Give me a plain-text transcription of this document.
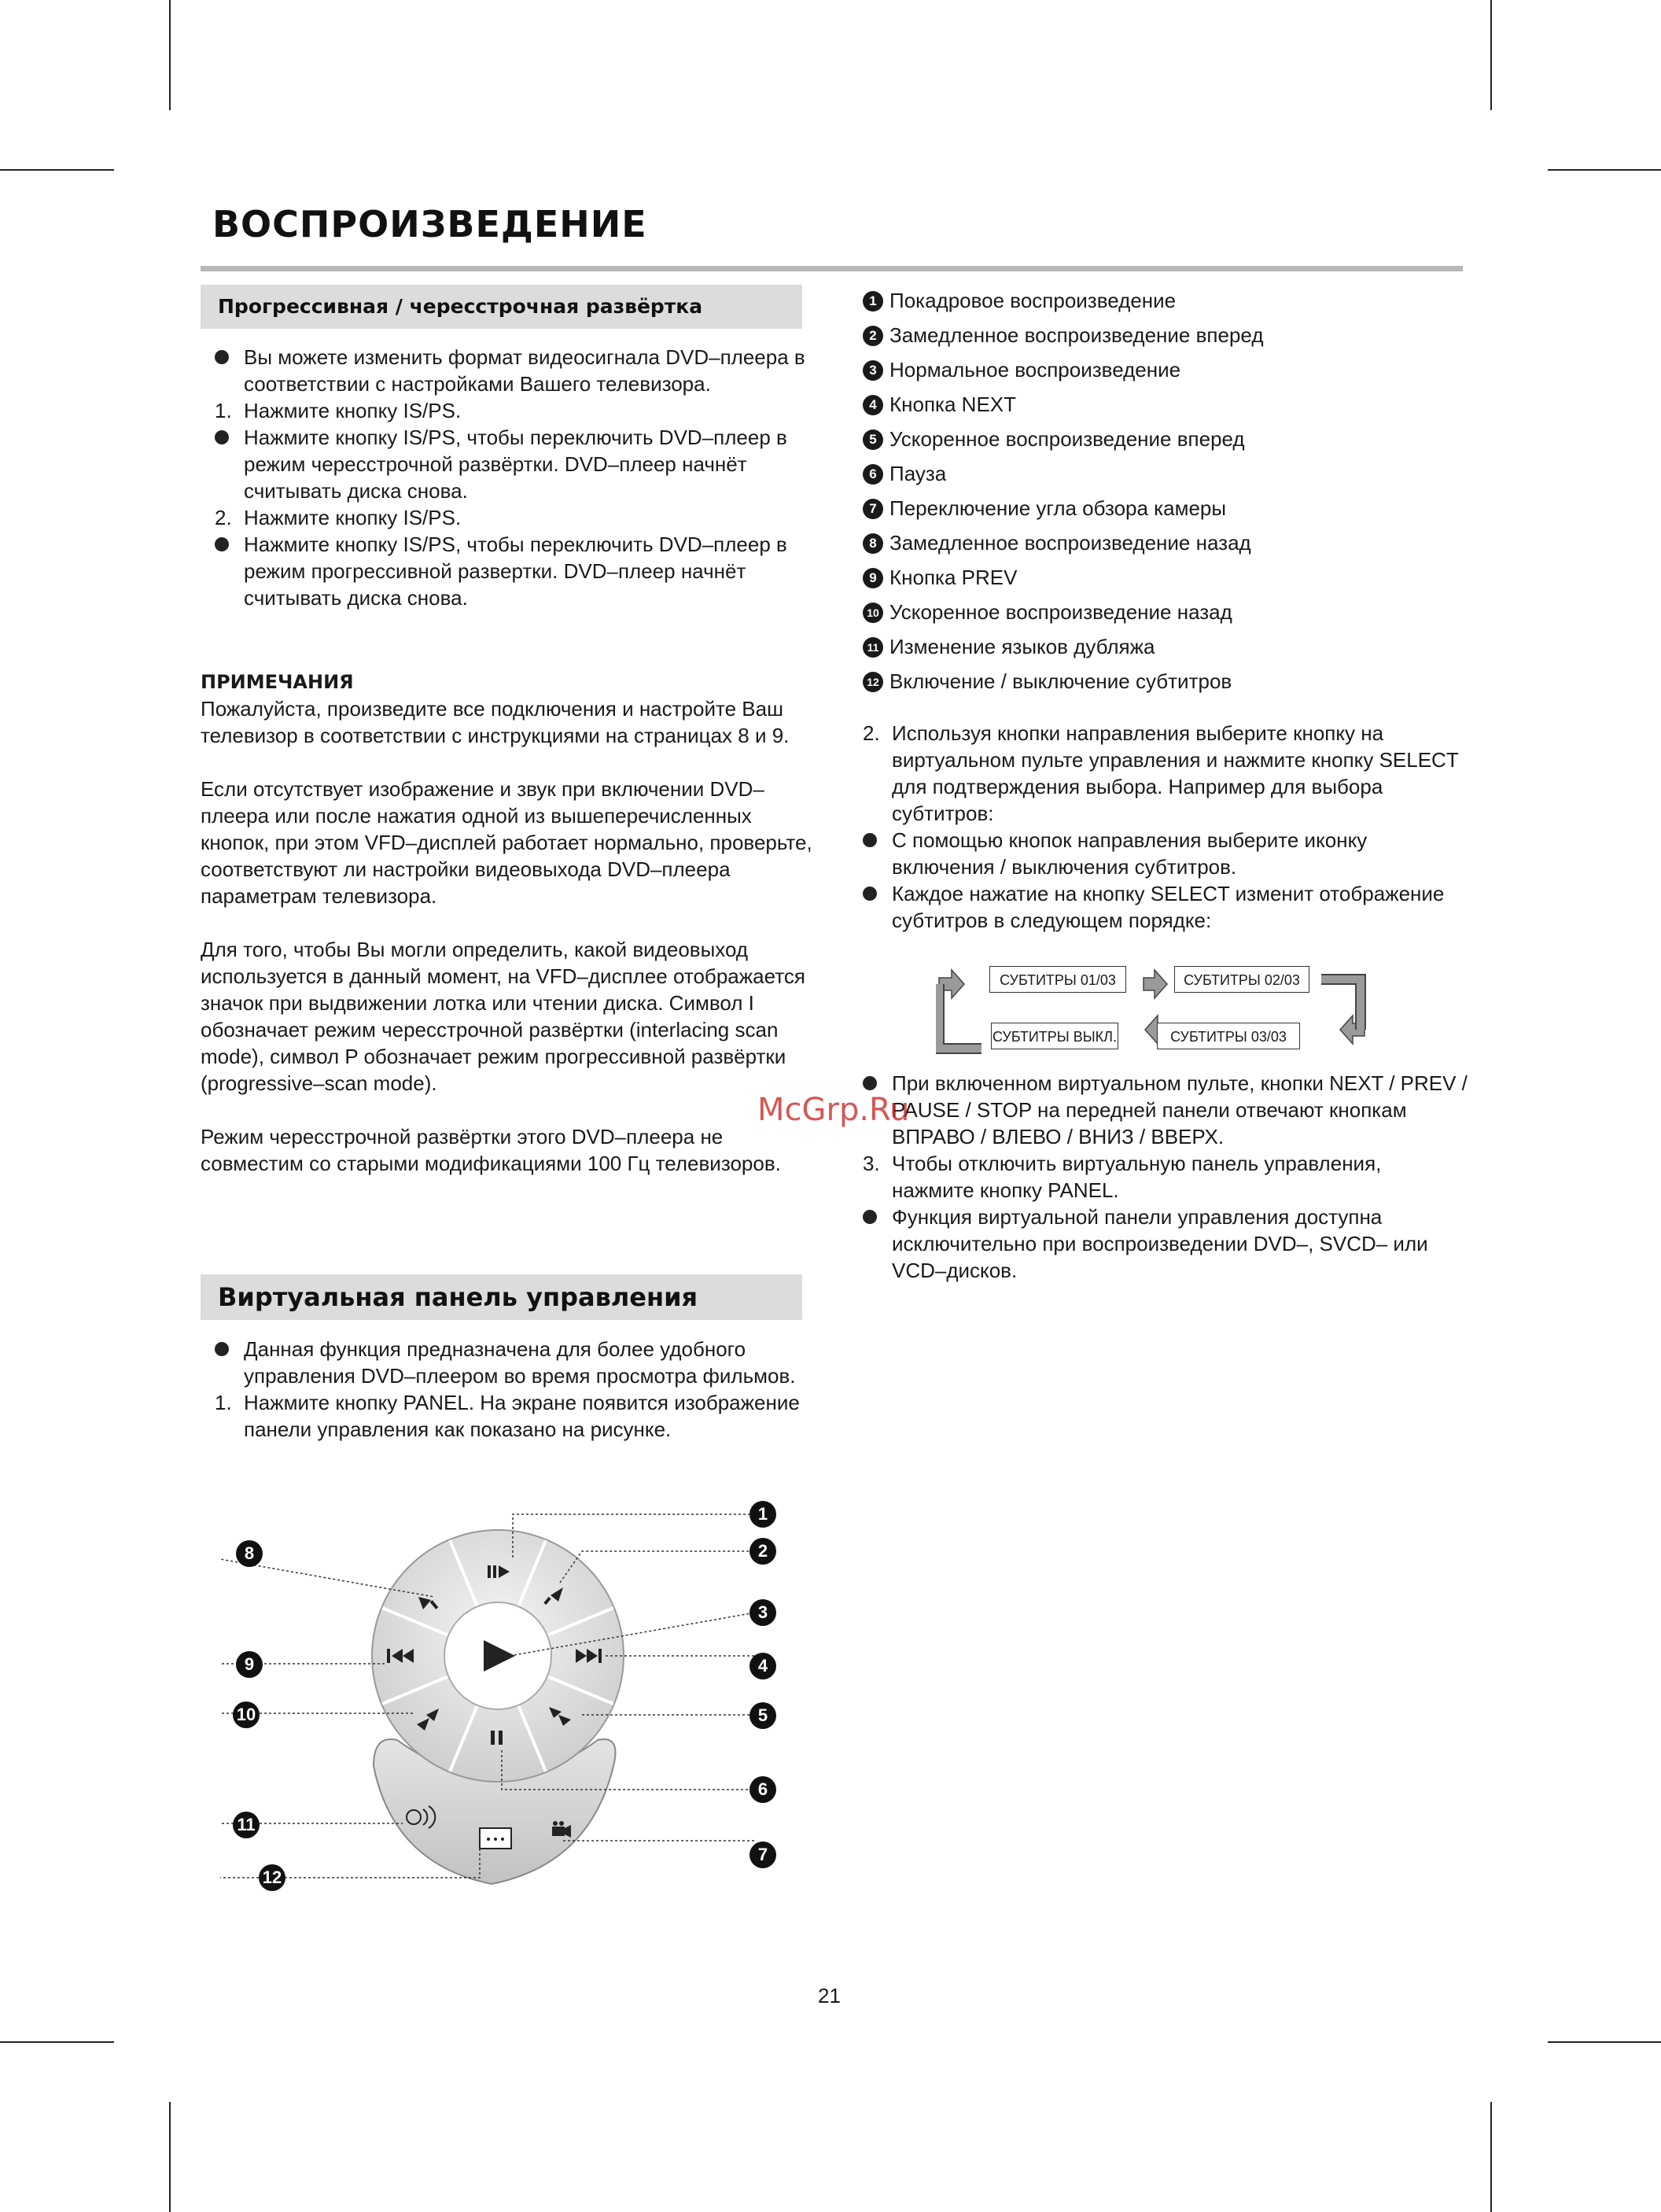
ВОСПРОИЗВЕДЕНИЕ
Прогрессивная / чересстрочная развёртка

Вы можете изменить формат видеосигнала DVD–плеера в соответствии с настройками Вашего телевизора.

1. Нажмите кнопку IS/PS.

Нажмите кнопку IS/PS, чтобы переключить DVD–плеер в режим чересстрочной развёртки. DVD–плеер начнёт считывать диска снова.

2. Нажмите кнопку IS/PS.

Нажмите кнопку IS/PS, чтобы переключить DVD–плеер в режим прогрессивной развертки. DVD–плеер начнёт считывать диска снова.

ПРИМЕЧАНИЯ

Пожалуйста, произведите все подключения и настройте Ваш телевизор в соответствии с инструкциями на страницах 8 и 9.

Если отсутствует изображение и звук при включении DVD–плеера или после нажатия одной из вышеперечисленных кнопок, при этом VFD–дисплей работает нормально, проверьте, соответствуют ли настройки видеовыхода DVD–плеера параметрам телевизора.

Для того, чтобы Вы могли определить, какой видеовыход используется в данный момент, на VFD–дисплее отображается значок при выдвижении лотка или чтении диска. Символ I обозначает режим чересстрочной развёртки (interlacing scan mode), символ P обозначает режим прогрессивной развёртки (progressive–scan mode).

Режим чересстрочной развёртки этого DVD–плеера не совместим со старыми модификациями 100 Гц телевизоров.

Виртуальная панель управления

Данная функция предназначена для более удобного управления DVD–плеером во время просмотра фильмов.

1. Нажмите кнопку PANEL. На экране появится изображение панели управления как показано на рисунке.

1
2
3
4
5
6
7
8
9
10
11
12
1 Покадровое воспроизведение
2 Замедленное воспроизведение вперед
3 Нормальное воспроизведение
4 Кнопка NEXT
5 Ускоренное воспроизведение вперед
6 Пауза
7 Переключение угла обзора камеры
8 Замедленное воспроизведение назад
9 Кнопка PREV
10 Ускоренное воспроизведение назад
11 Изменение языков дубляжа
12 Включение / выключение субтитров

2. Используя кнопки направления выберите кнопку на виртуальном пульте управления и нажмите кнопку SELECT для подтверждения выбора. Например для выбора субтитров:

С помощью кнопок направления выберите иконку включения / выключения субтитров.

Каждое нажатие на кнопку SELECT изменит отображение субтитров в следующем порядке:

СУБТИТРЫ 01/03	СУБТИТРЫ 02/03
СУБТИТРЫ 03/03
СУБТИТРЫ ВЫКЛ.

При включенном виртуальном пульте, кнопки NEXT / PREV / PAUSE / STOP на передней панели отвечают кнопкам ВПРАВО / ВЛЕВО / ВНИЗ / ВВЕРХ.

3. Чтобы отключить виртуальную панель управления, нажмите кнопку PANEL.

Функция виртуальной панели управления доступна исключительно при воспроизведении DVD–, SVCD– или VCD–дисков.

McGrp.Ru
21
